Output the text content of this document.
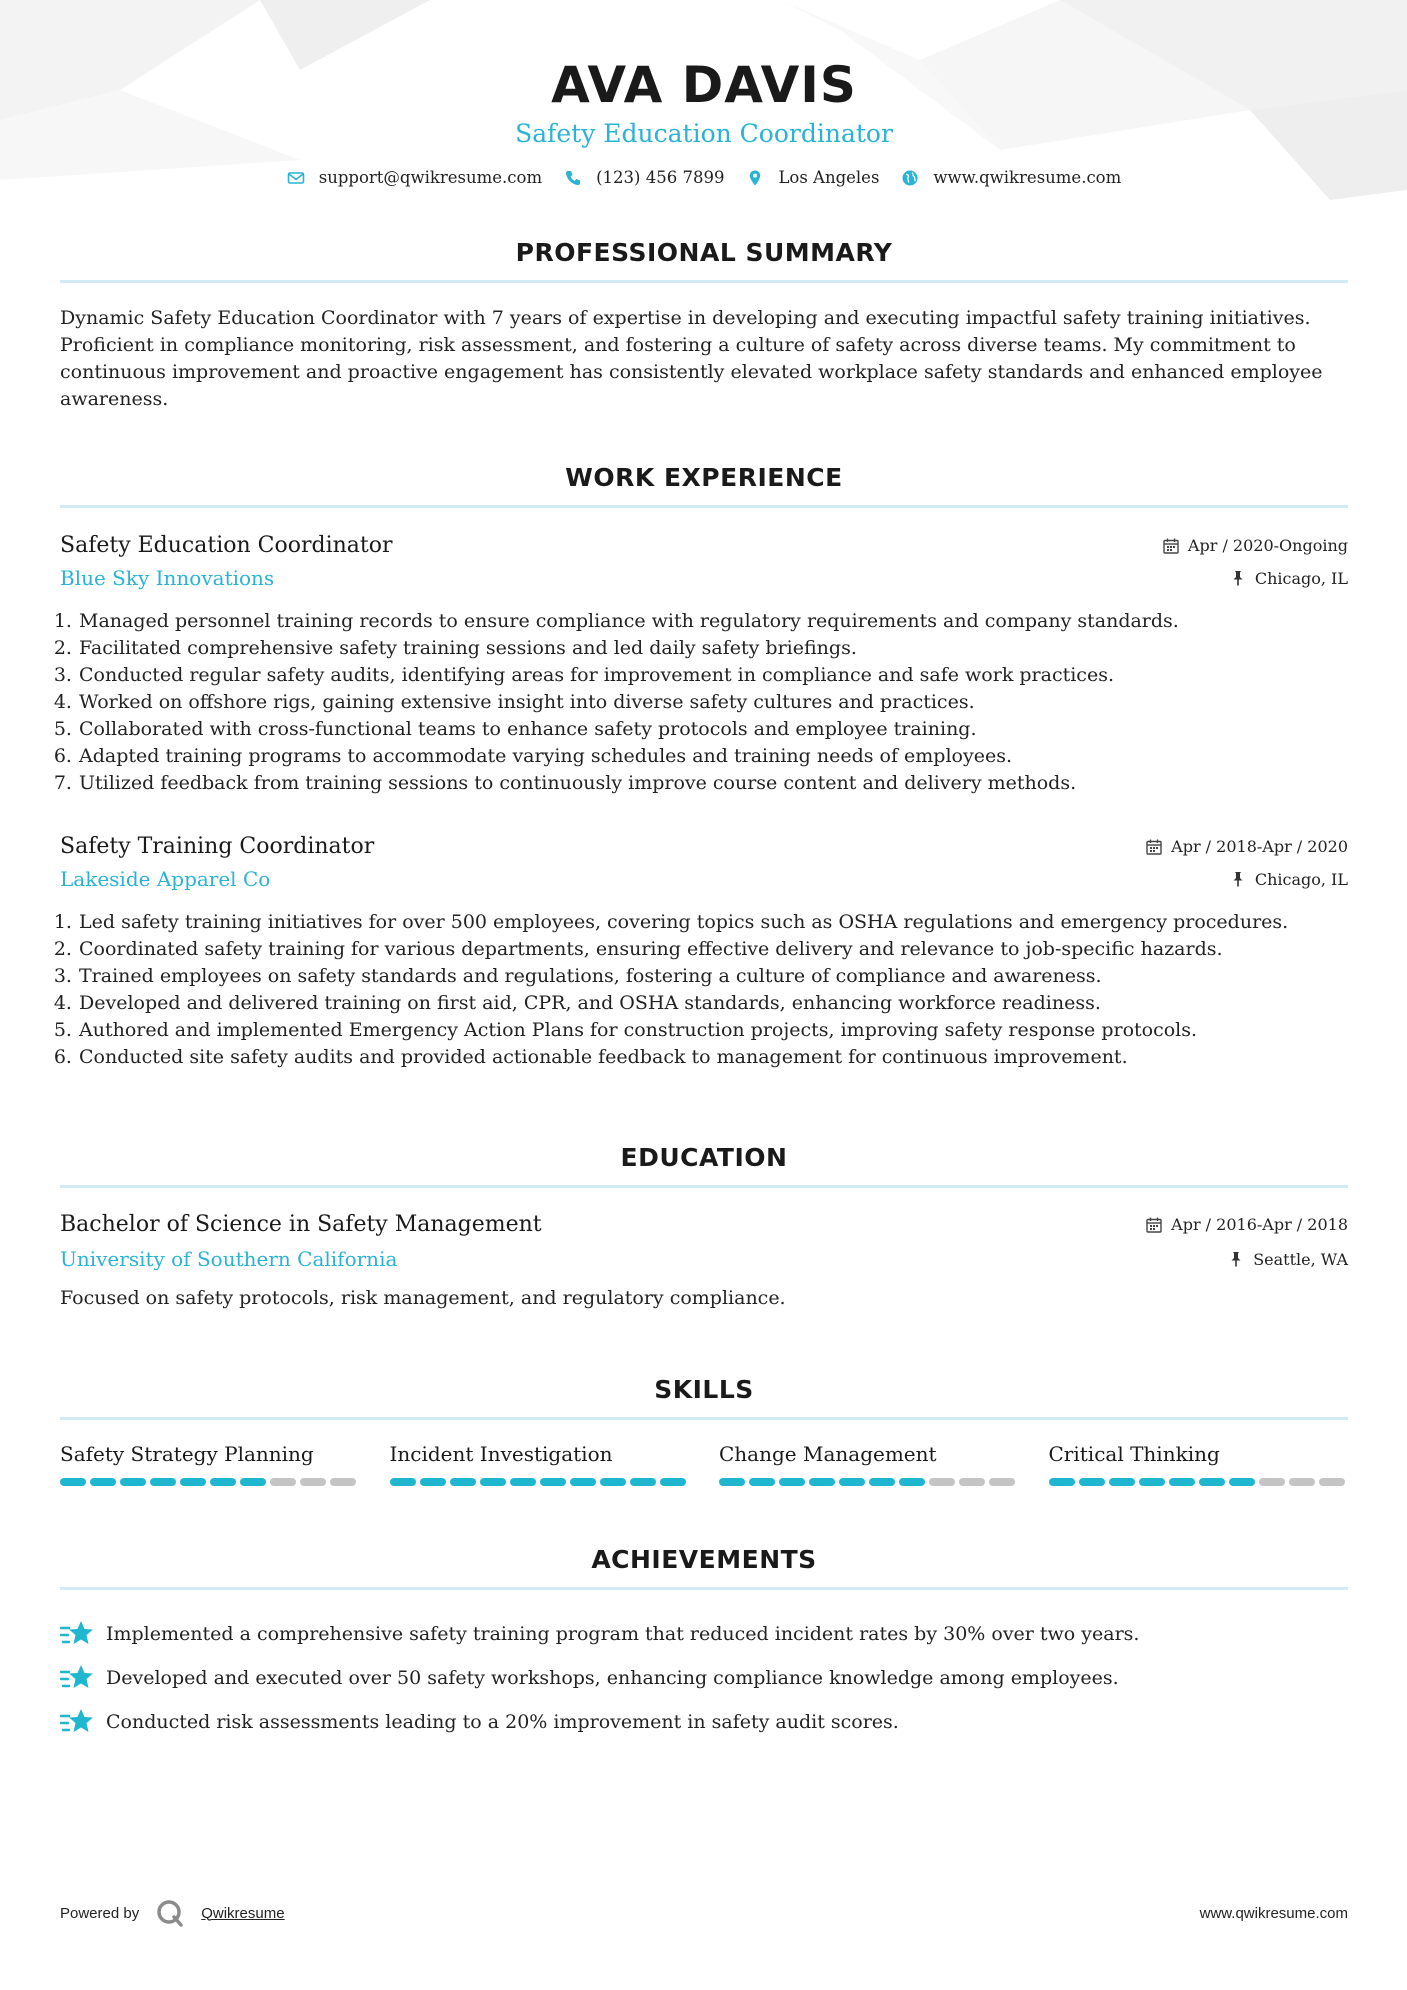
AVA DAVIS
Safety Education Coordinator
support@qwikresume.com	(123) 456 7899	Los Angeles	www.qwikresume.com
PROFESSIONAL SUMMARY
Dynamic Safety Education Coordinator with 7 years of expertise in developing and executing impactful safety training initiatives. Proficient in compliance monitoring, risk assessment, and fostering a culture of safety across diverse teams. My commitment to continuous improvement and proactive engagement has consistently elevated workplace safety standards and enhanced employee awareness.
WORK EXPERIENCE
Safety Education Coordinator	Apr / 2020-Ongoing
Blue Sky Innovations	Chicago, IL
1. Managed personnel training records to ensure compliance with regulatory requirements and company standards.
2. Facilitated comprehensive safety training sessions and led daily safety briefings.
3. Conducted regular safety audits, identifying areas for improvement in compliance and safe work practices.
4. Worked on offshore rigs, gaining extensive insight into diverse safety cultures and practices.
5. Collaborated with cross-functional teams to enhance safety protocols and employee training.
6. Adapted training programs to accommodate varying schedules and training needs of employees.
7. Utilized feedback from training sessions to continuously improve course content and delivery methods.
Safety Training Coordinator	Apr / 2018-Apr / 2020
Lakeside Apparel Co	Chicago, IL
1. Led safety training initiatives for over 500 employees, covering topics such as OSHA regulations and emergency procedures.
2. Coordinated safety training for various departments, ensuring effective delivery and relevance to job-specific hazards.
3. Trained employees on safety standards and regulations, fostering a culture of compliance and awareness.
4. Developed and delivered training on first aid, CPR, and OSHA standards, enhancing workforce readiness.
5. Authored and implemented Emergency Action Plans for construction projects, improving safety response protocols.
6. Conducted site safety audits and provided actionable feedback to management for continuous improvement.
EDUCATION
Bachelor of Science in Safety Management	Apr / 2016-Apr / 2018
University of Southern California	Seattle, WA
Focused on safety protocols, risk management, and regulatory compliance.
SKILLS
Safety Strategy Planning	Incident Investigation	Change Management	Critical Thinking
ACHIEVEMENTS
Implemented a comprehensive safety training program that reduced incident rates by 30% over two years.
Developed and executed over 50 safety workshops, enhancing compliance knowledge among employees.
Conducted risk assessments leading to a 20% improvement in safety audit scores.
Powered by	Qwikresume	www.qwikresume.com
